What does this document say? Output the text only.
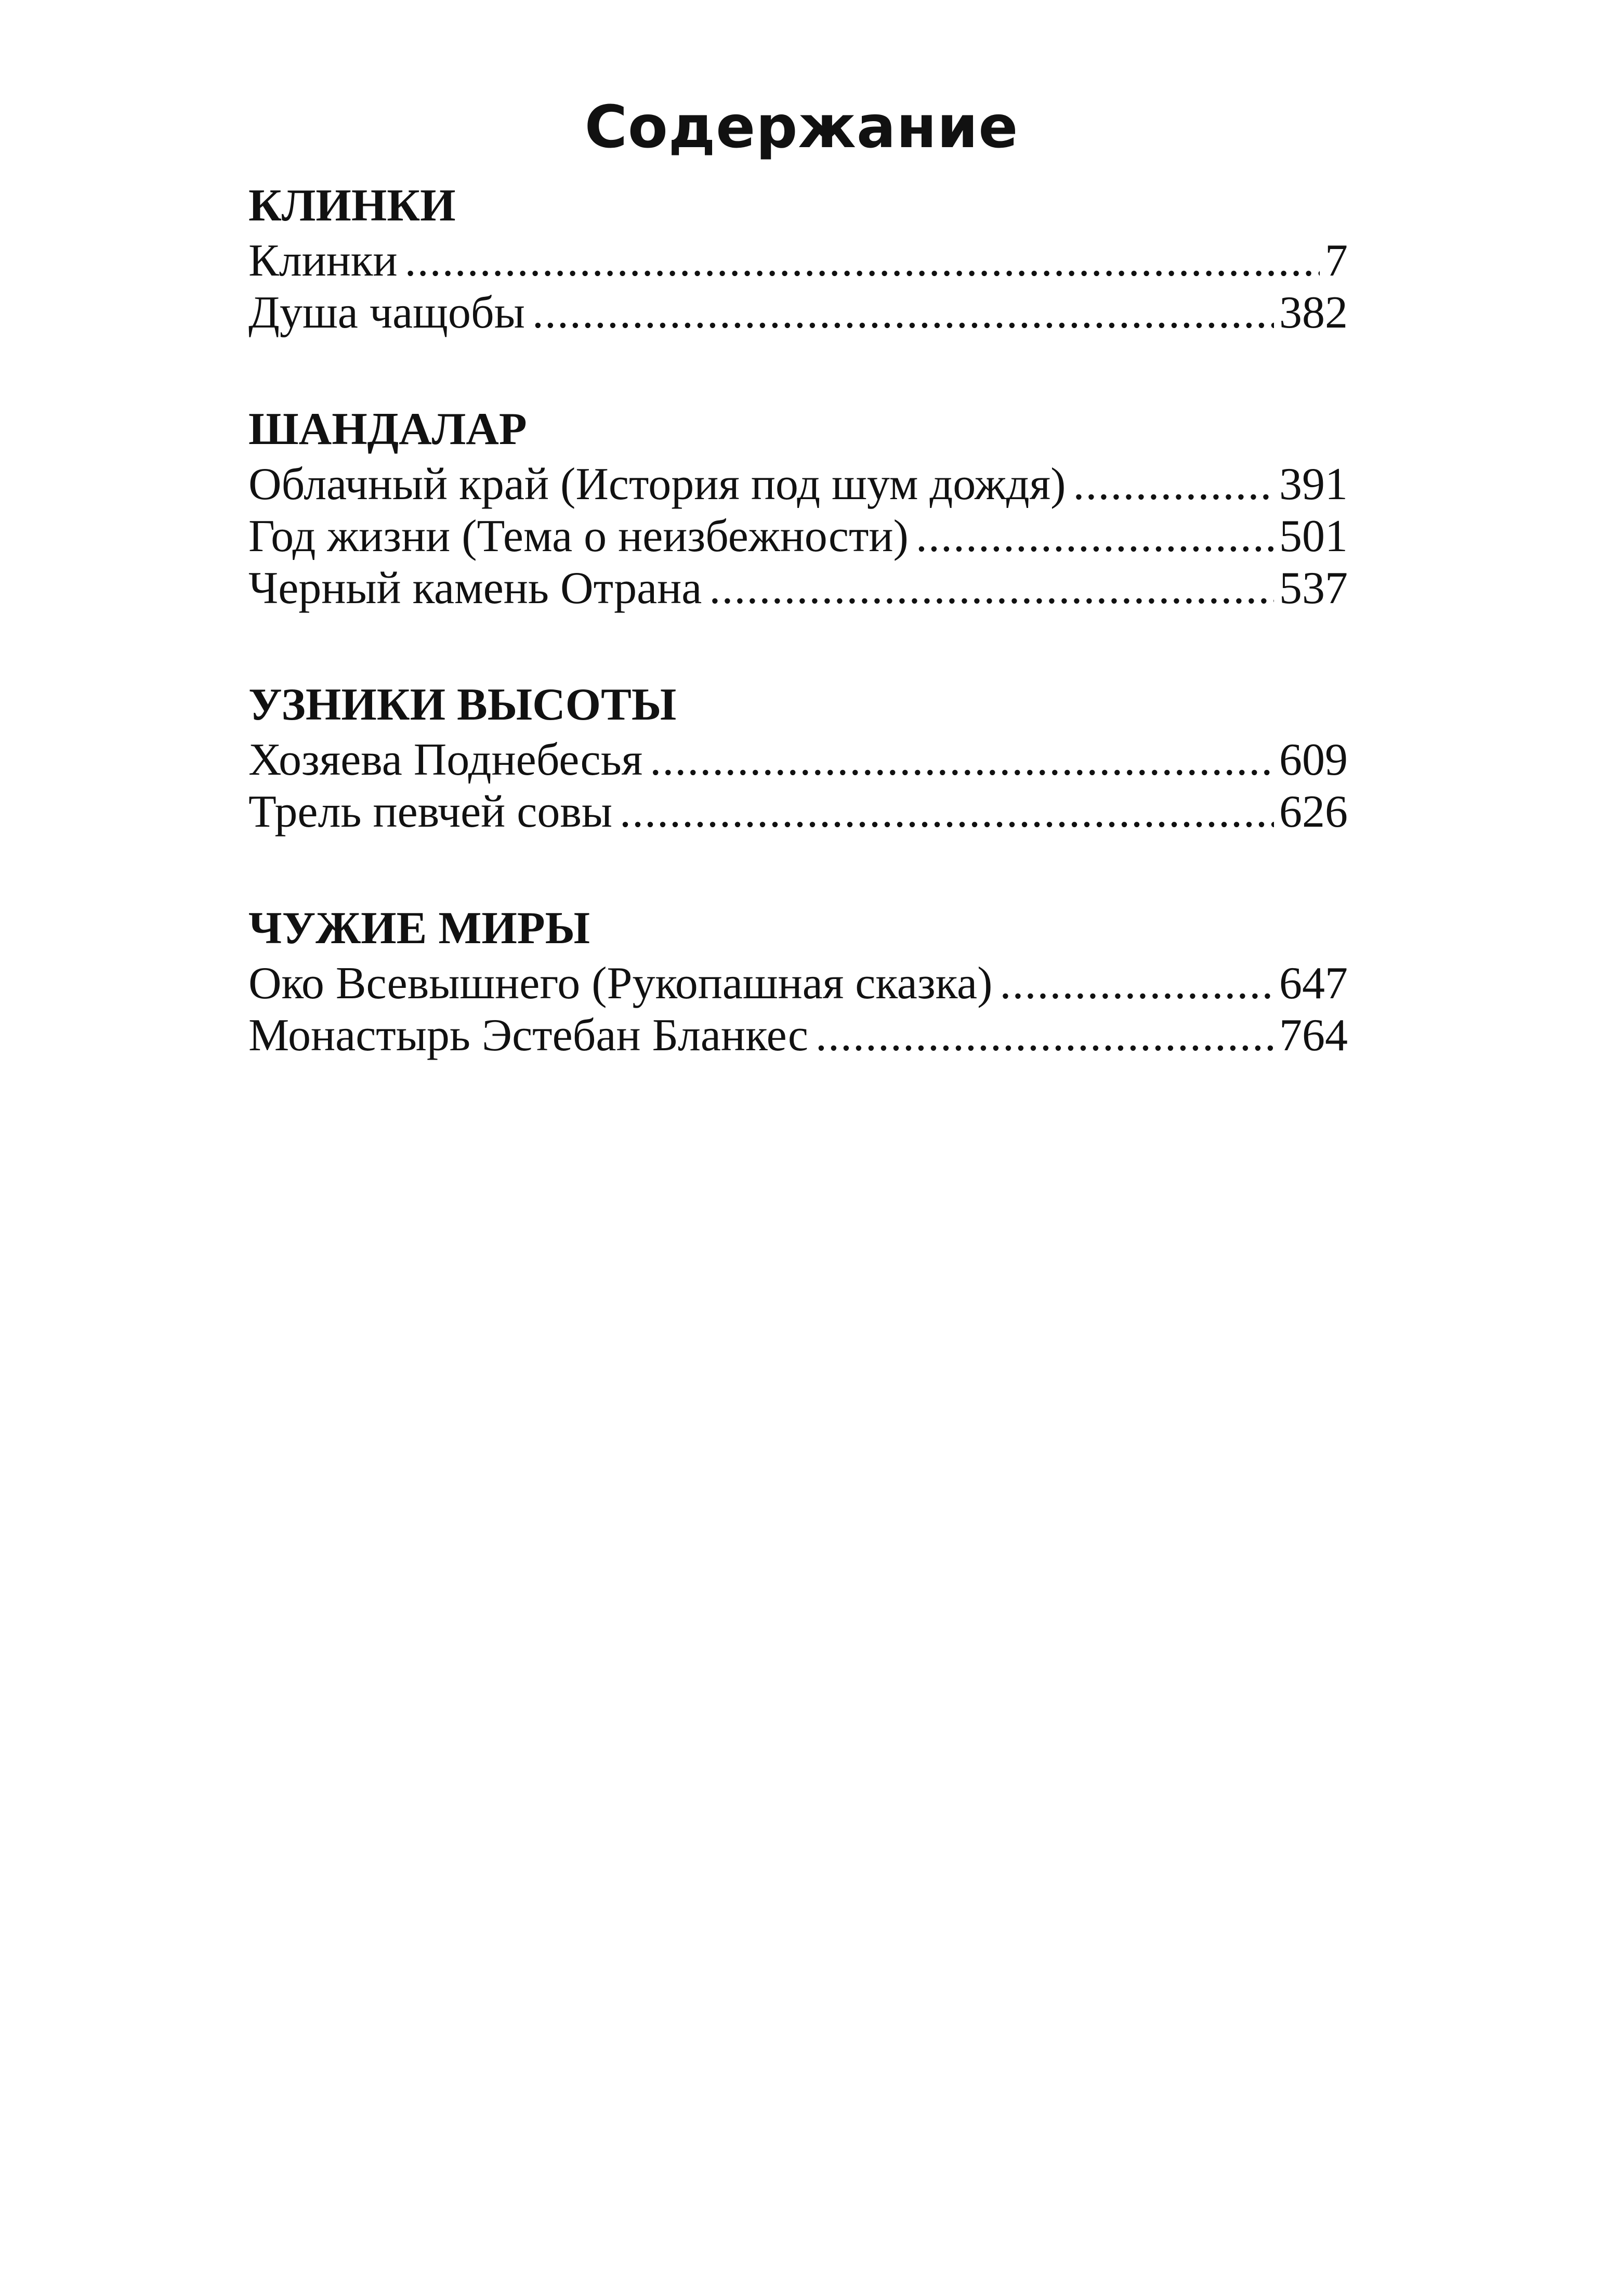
Содержание
КЛИНКИ
Клинки . . .	7
Душа чащобы . . .	382
ШАНДАЛАР
Облачный край (История под шум дождя) . . .	391
Год жизни (Тема о неизбежности) . . .	501
Черный камень Отрана . . .	537
УЗНИКИ ВЫСОТЫ
Хозяева Поднебесья . . .	609
Трель певчей совы . . .	626
ЧУЖИЕ МИРЫ
Око Всевышнего (Рукопашная сказка) . . .	647
Монастырь Эстебан Бланкес . . .	764
